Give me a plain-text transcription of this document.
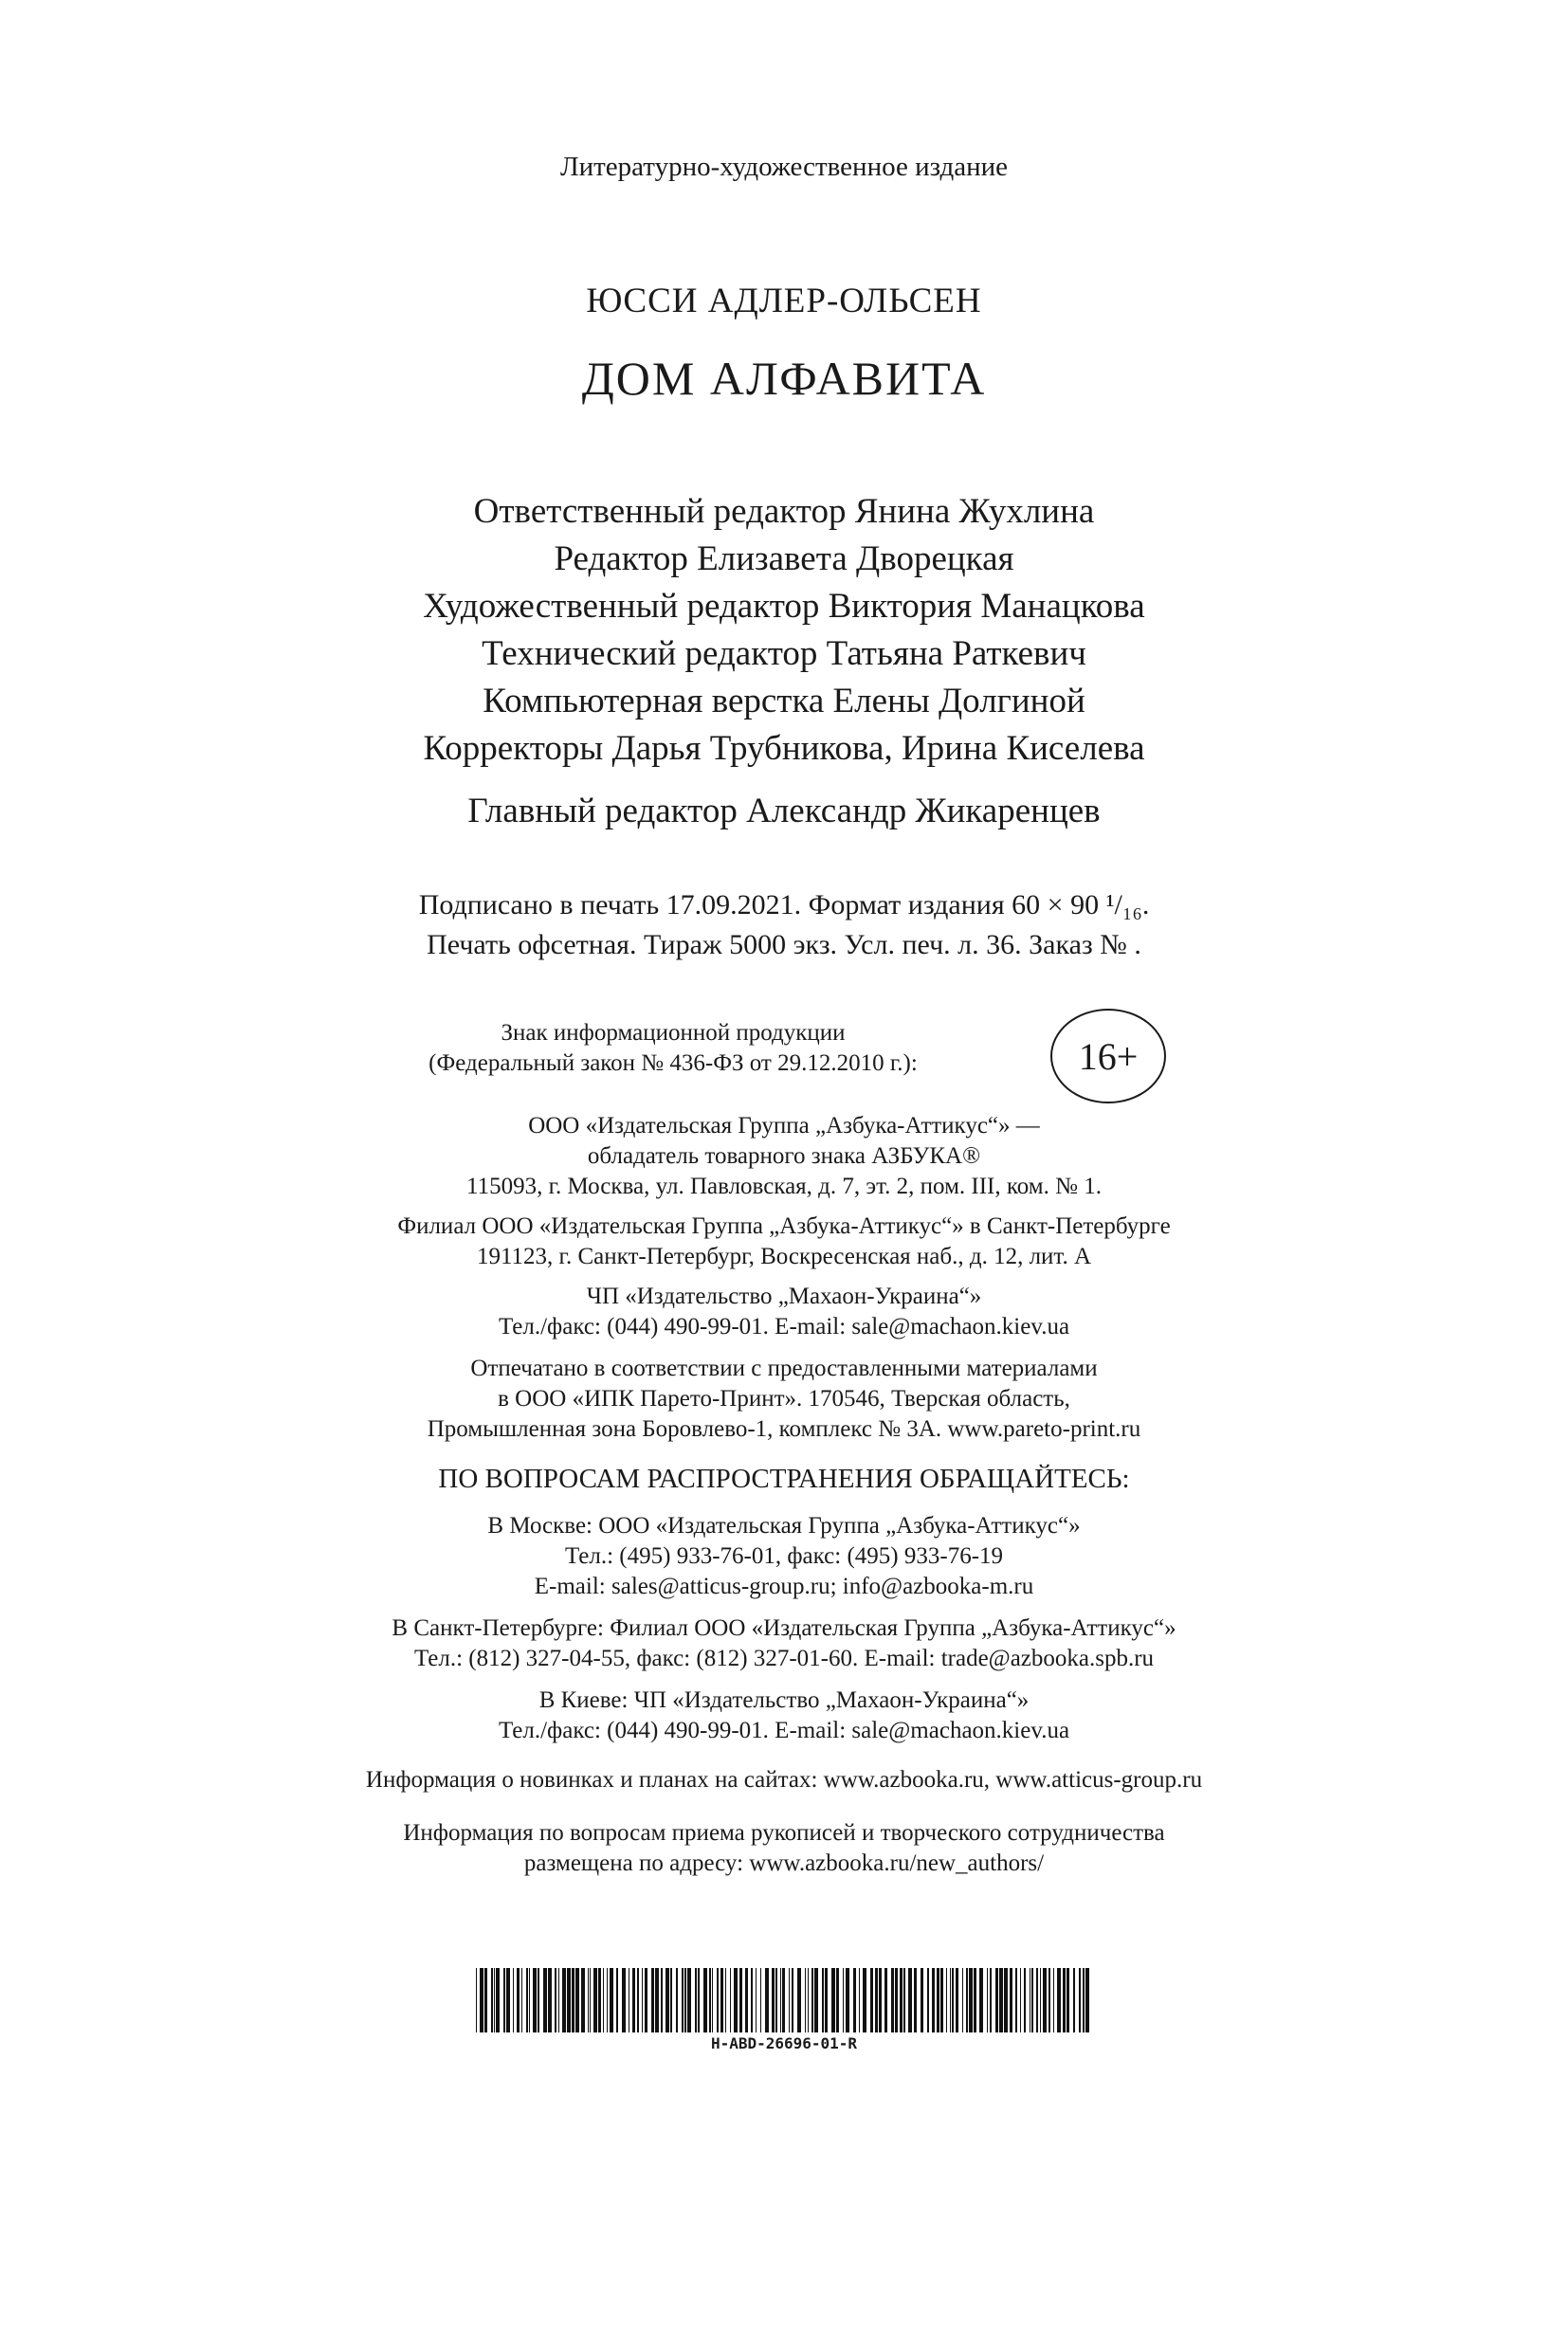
Литературно-художественное издание
ЮССИ АДЛЕР-ОЛЬСЕН
ДОМ АЛФАВИТА
Ответственный редактор Янина Жухлина
Редактор Елизавета Дворецкая
Художественный редактор Виктория Манацкова
Технический редактор Татьяна Раткевич
Компьютерная верстка Елены Долгиной
Корректоры Дарья Трубникова, Ирина Киселева
Главный редактор Александр Жикаренцев
Подписано в печать 17.09.2021. Формат издания 60 × 90 ¹/₁₆.
Печать офсетная. Тираж 5000 экз. Усл. печ. л. 36. Заказ № .
Знак информационной продукции
(Федеральный закон № 436-ФЗ от 29.12.2010 г.):	16+
ООО «Издательская Группа „Азбука-Аттикус“» —
обладатель товарного знака АЗБУКА®
115093, г. Москва, ул. Павловская, д. 7, эт. 2, пом. III, ком. № 1.
Филиал ООО «Издательская Группа „Азбука-Аттикус“» в Санкт-Петербурге
191123, г. Санкт-Петербург, Воскресенская наб., д. 12, лит. А
ЧП «Издательство „Махаон-Украина“»
Тел./факс: (044) 490-99-01. E-mail: sale@machaon.kiev.ua
Отпечатано в соответствии с предоставленными материалами
в ООО «ИПК Парето-Принт». 170546, Тверская область,
Промышленная зона Боровлево-1, комплекс № 3А. www.pareto-print.ru
ПО ВОПРОСАМ РАСПРОСТРАНЕНИЯ ОБРАЩАЙТЕСЬ:
В Москве: ООО «Издательская Группа „Азбука-Аттикус“»
Тел.: (495) 933-76-01, факс: (495) 933-76-19
E-mail: sales@atticus-group.ru; info@azbooka-m.ru
В Санкт-Петербурге: Филиал ООО «Издательская Группа „Азбука-Аттикус“»
Тел.: (812) 327-04-55, факс: (812) 327-01-60. E-mail: trade@azbooka.spb.ru
В Киеве: ЧП «Издательство „Махаон-Украина“»
Тел./факс: (044) 490-99-01. E-mail: sale@machaon.kiev.ua
Информация о новинках и планах на сайтах: www.azbooka.ru, www.atticus-group.ru
Информация по вопросам приема рукописей и творческого сотрудничества
размещена по адресу: www.azbooka.ru/new_authors/
H-ABD-26696-01-R
